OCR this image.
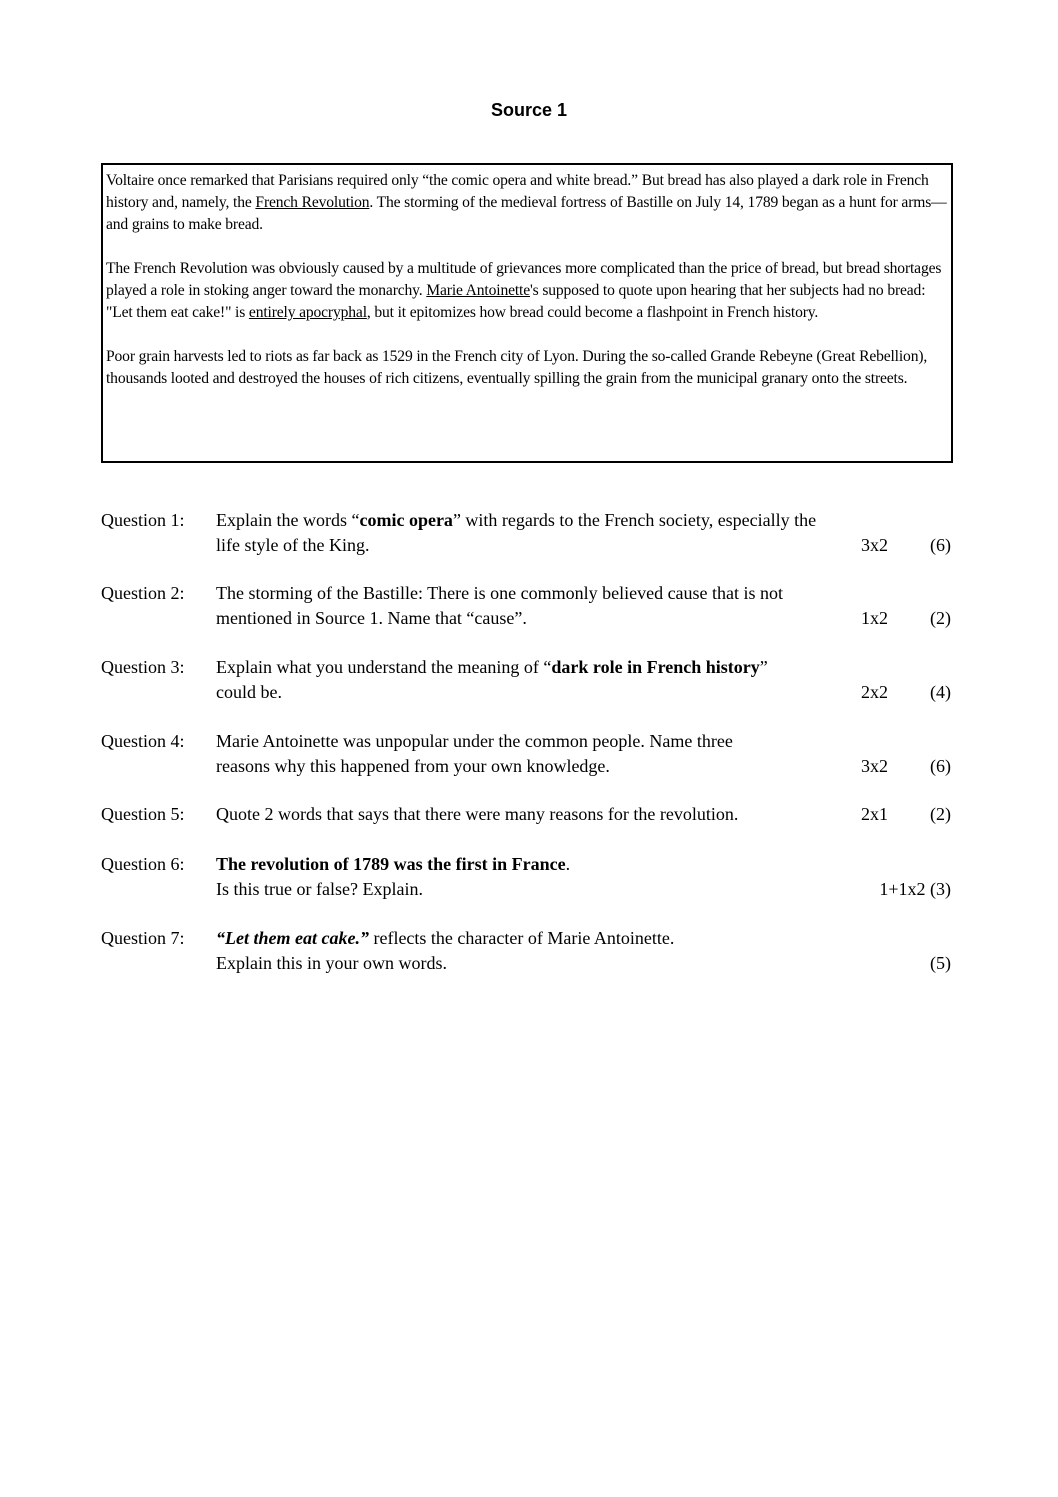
Source 1

Voltaire once remarked that Parisians required only “the comic opera and white bread.” But bread has also played a dark role in French history and, namely, the French Revolution. The storming of the medieval fortress of Bastille on July 14, 1789 began as a hunt for arms—and grains to make bread.

The French Revolution was obviously caused by a multitude of grievances more complicated than the price of bread, but bread shortages played a role in stoking anger toward the monarchy. Marie Antoinette's supposed to quote upon hearing that her subjects had no bread: "Let them eat cake!" is entirely apocryphal, but it epitomizes how bread could become a flashpoint in French history.

Poor grain harvests led to riots as far back as 1529 in the French city of Lyon. During the so-called Grande Rebeyne (Great Rebellion), thousands looted and destroyed the houses of rich citizens, eventually spilling the grain from the municipal granary onto the streets.

Question 1:	Explain the words “comic opera” with regards to the French society, especially the
life style of the King.	3x2 (6)
Question 2:	The storming of the Bastille: There is one commonly believed cause that is not
mentioned in Source 1. Name that “cause”.	1x2 (2)
Question 3:	Explain what you understand the meaning of “dark role in French history”
could be.	2x2 (4)
Question 4:	Marie Antoinette was unpopular under the common people. Name three
reasons why this happened from your own knowledge.	3x2 (6)
Question 5:	Quote 2 words that says that there were many reasons for the revolution.	2x1 (2)
Question 6:	The revolution of 1789 was the first in France.
Is this true or false? Explain.	1+1x2 (3)
Question 7:	“Let them eat cake.” reflects the character of Marie Antoinette.
Explain this in your own words.	(5)
